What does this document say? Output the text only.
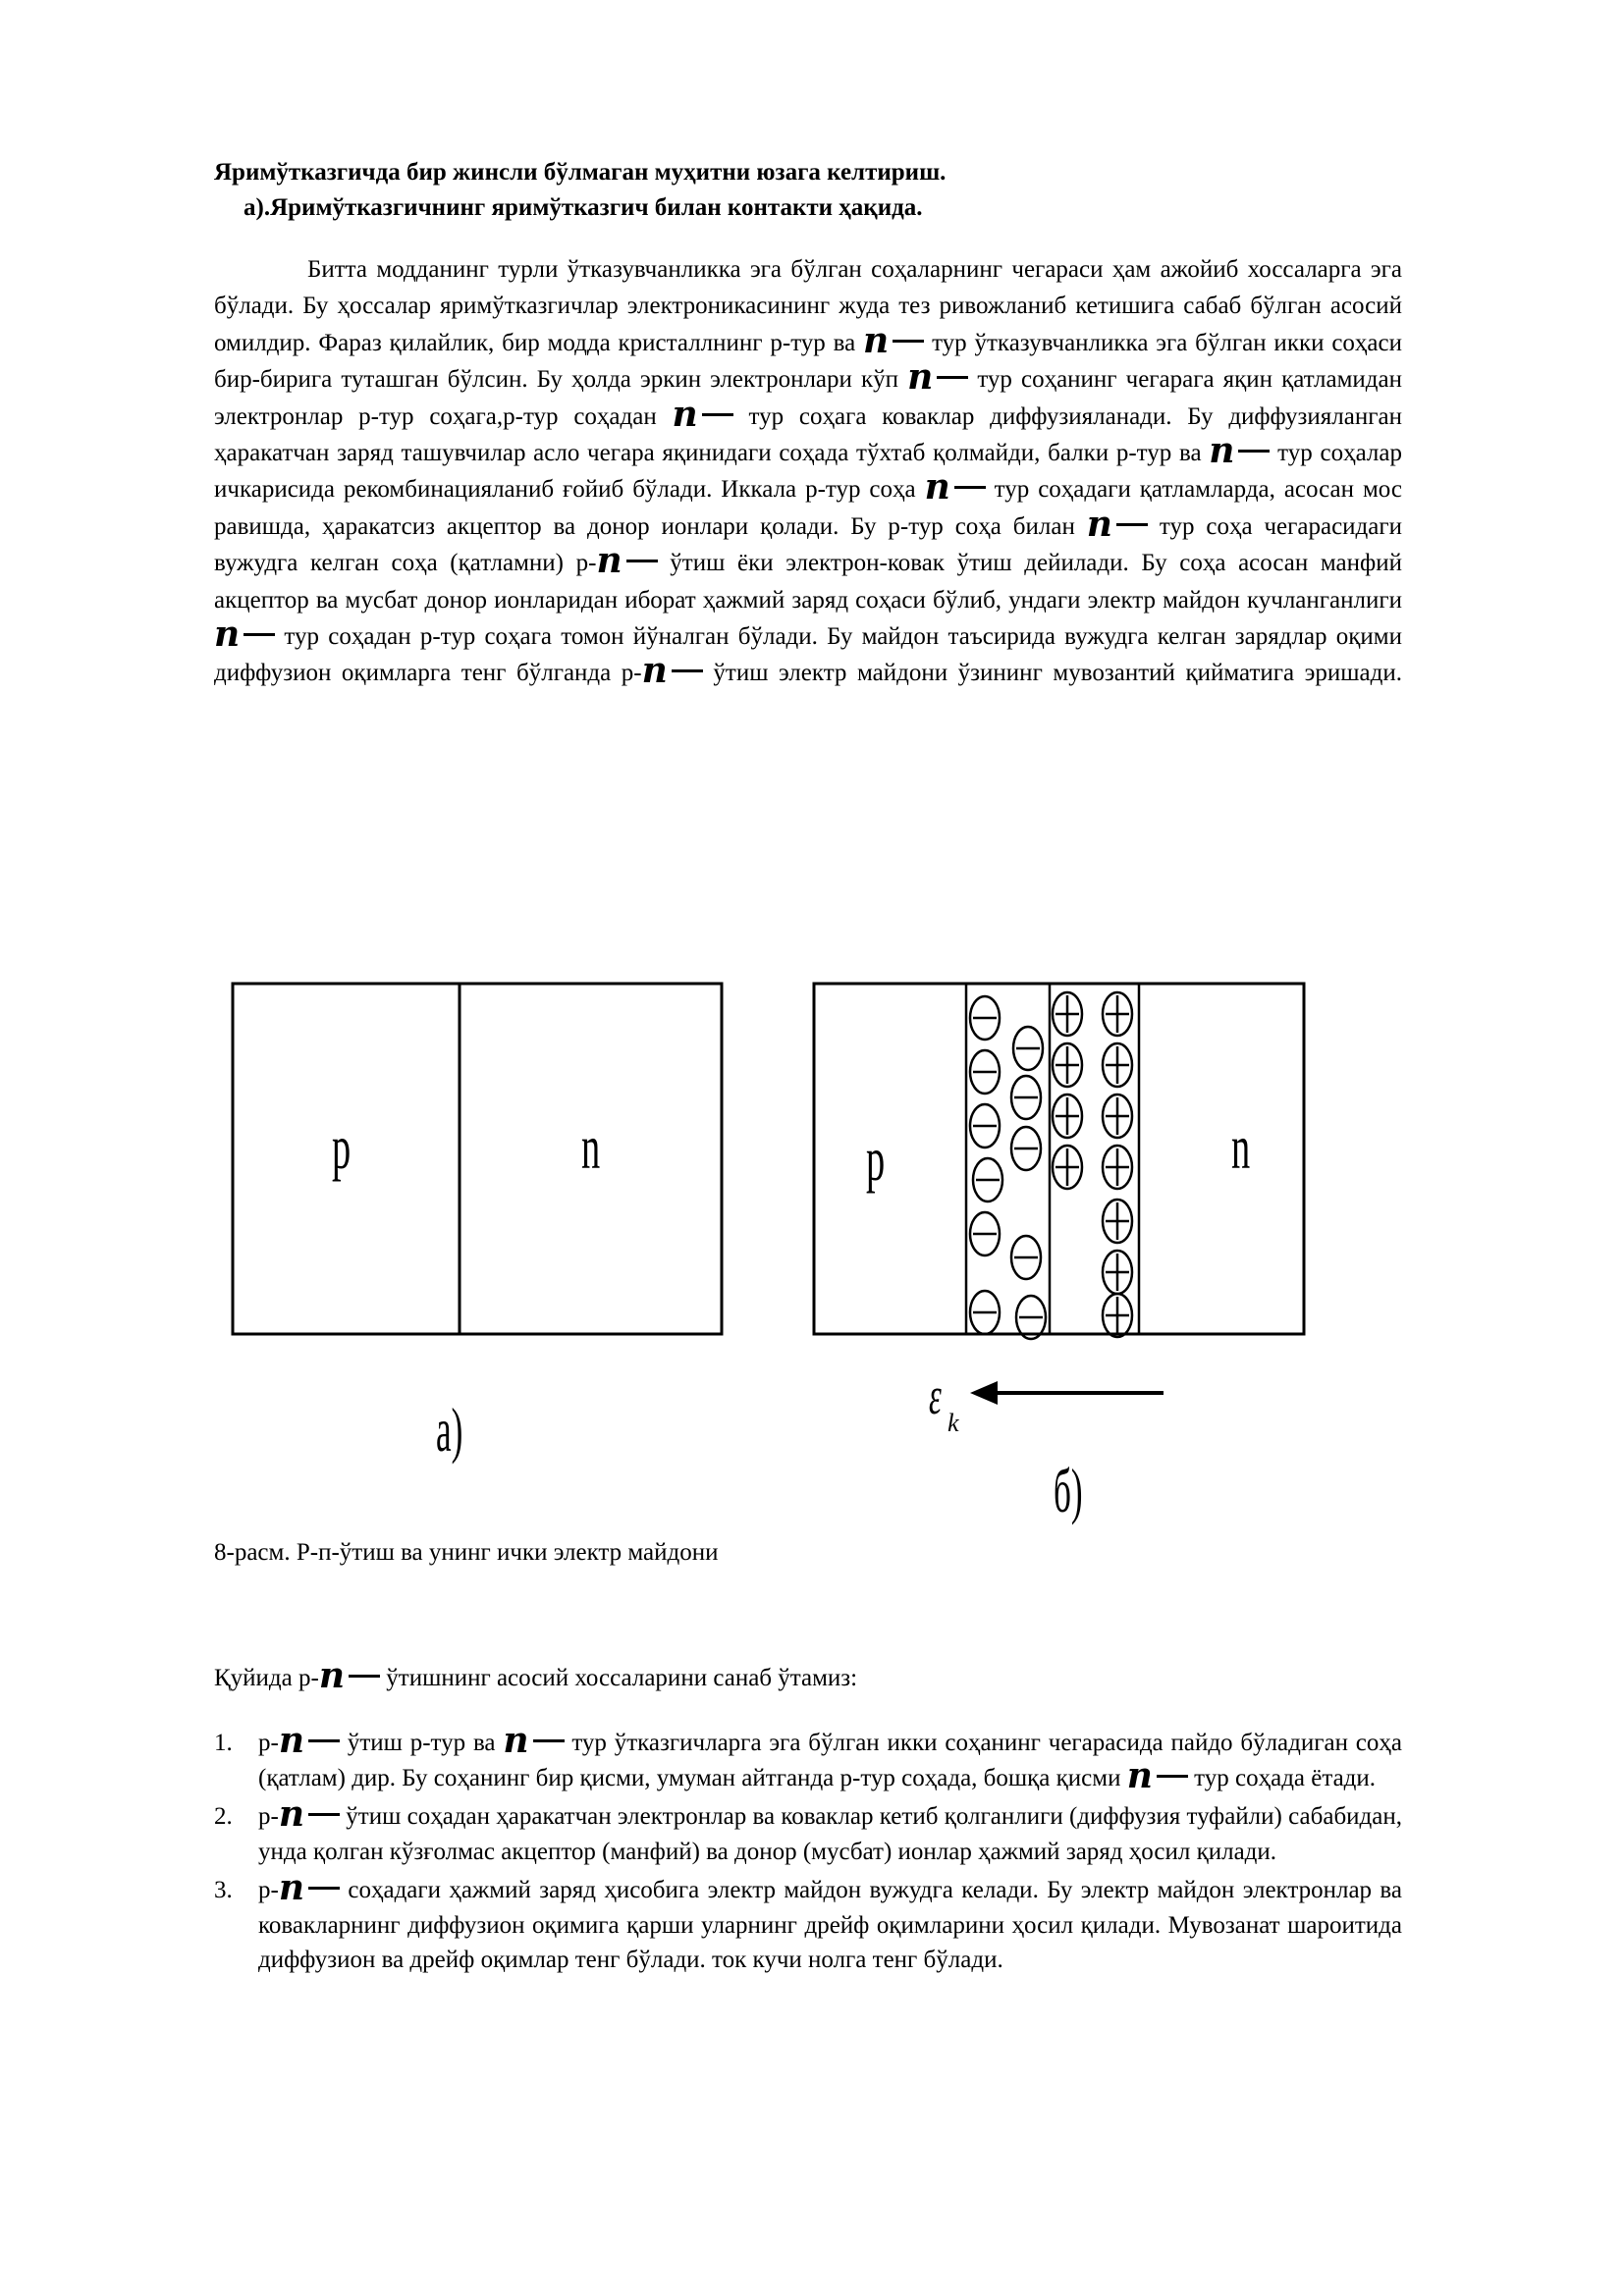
Яримўтказгичда бир жинсли бўлмаган муҳитни юзага келтириш.
а).Яримўтказгичнинг яримўтказгич билан контакти ҳақида.
Битта модданинг турли ўтказувчанликка эга бўлган соҳаларнинг чегараси ҳам ажойиб хоссаларга эга бўлади. Бу ҳоссалар яримўтказгичлар электроникасининг жуда тез ривожланиб кетишига сабаб бўлган асосий омилдир. Фараз қилайлик, бир модда кристаллнинг р-тур ва n тур ўтказувчанликка эга бўлган икки соҳаси бир-бирига туташган бўлсин. Бу ҳолда эркин электронлари кўп n тур соҳанинг чегарага яқин қатламидан электронлар р-тур соҳага,р-тур соҳадан n тур соҳага коваклар диффузияланади. Бу диффузияланган ҳаракатчан заряд ташувчилар асло чегара яқинидаги соҳада тўхтаб қолмайди, балки р-тур ва n тур соҳалар ичкарисида рекомбинацияланиб ғойиб бўлади. Иккала р-тур соҳа n тур соҳадаги қатламларда, асосан мос равишда, ҳаракатсиз акцептор ва донор ионлари қолади. Бу р-тур соҳа билан n тур соҳа чегарасидаги вужудга келган соҳа (қатламни) р-n ўтиш ёки электрон-ковак ўтиш дейилади. Бу соҳа асосан манфий акцептор ва мусбат донор ионларидан иборат ҳажмий заряд соҳаси бўлиб, ундаги электр майдон кучланганлиги n тур соҳадан р-тур соҳага томон йўналган бўлади. Бу майдон таъсирида вужудга келган зарядлар оқими диффузион оқимларга тенг бўлганда р-n ўтиш электр майдони ўзининг мувозантий қийматига эришади.
p	n
a)
p	n
ε k
б)
8-расм. Р-п-ўтиш ва унинг ички электр майдони
Қуйида р-n ўтишнинг асосий хоссаларини санаб ўтамиз:
1. р-n ўтиш р-тур ва n тур ўтказгичларга эга бўлган икки соҳанинг чегарасида пайдо бўладиган соҳа (қатлам) дир. Бу соҳанинг бир қисми, умуман айтганда р-тур соҳада, бошқа қисми n тур соҳада ётади.
2. р-n ўтиш соҳадан ҳаракатчан электронлар ва коваклар кетиб қолганлиги (диффузия туфайли) сабабидан, унда қолган кўзғолмас акцептор (манфий) ва донор (мусбат) ионлар ҳажмий заряд ҳосил қилади.
3. р-n соҳадаги ҳажмий заряд ҳисобига электр майдон вужудга келади. Бу электр майдон электронлар ва ковакларнинг диффузион оқимига қарши уларнинг дрейф оқимларини ҳосил қилади. Мувозанат шароитида диффузион ва дрейф оқимлар тенг бўлади. ток кучи нолга тенг бўлади.
